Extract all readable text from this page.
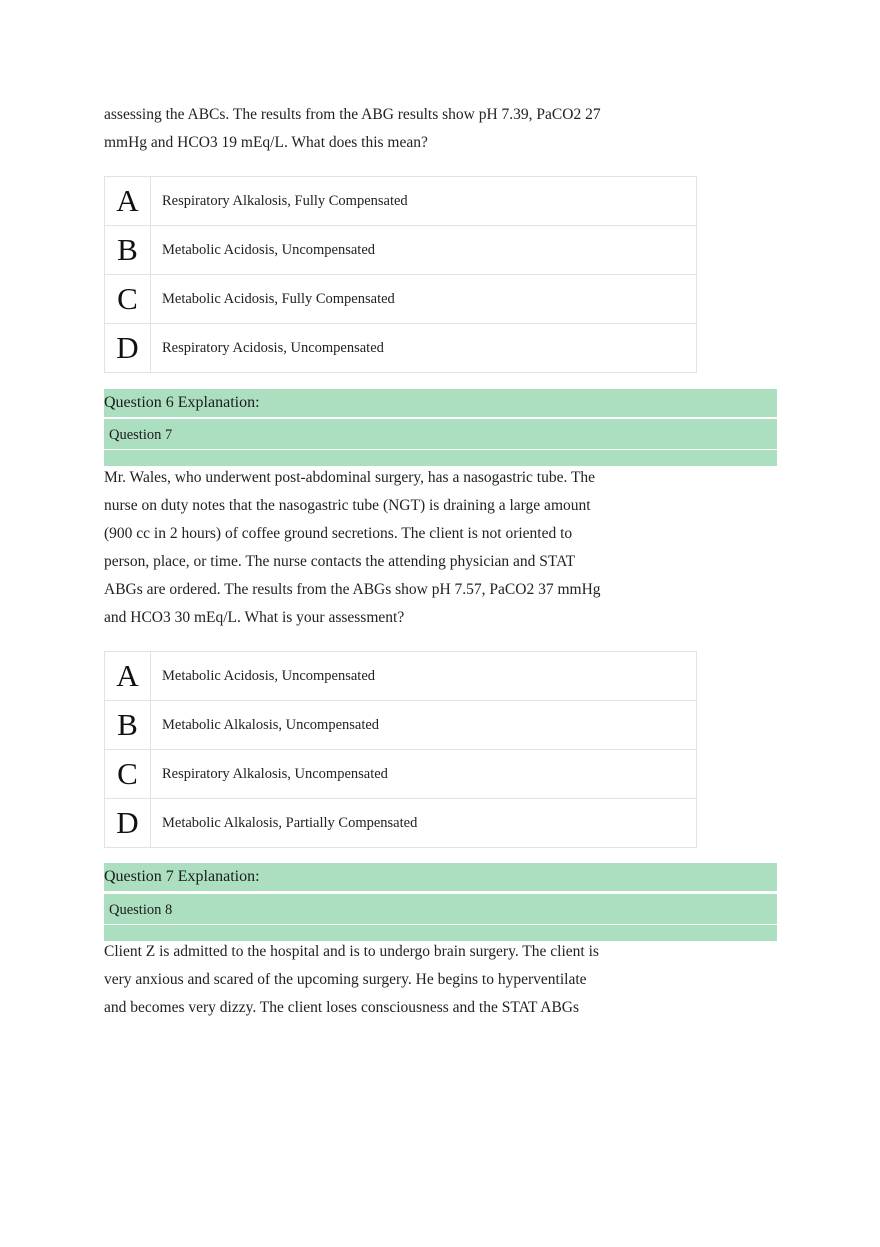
assessing the ABCs. The results from the ABG results show pH 7.39, PaCO2 27
mmHg and HCO3 19 mEq/L. What does this mean?

A	Respiratory Alkalosis, Fully Compensated
B	Metabolic Acidosis, Uncompensated
C	Metabolic Acidosis, Fully Compensated
D	Respiratory Acidosis, Uncompensated
Question 6 Explanation:
Question 7

Mr. Wales, who underwent post-abdominal surgery, has a nasogastric tube. The
nurse on duty notes that the nasogastric tube (NGT) is draining a large amount
(900 cc in 2 hours) of coffee ground secretions. The client is not oriented to
person, place, or time. The nurse contacts the attending physician and STAT
ABGs are ordered. The results from the ABGs show pH 7.57, PaCO2 37 mmHg
and HCO3 30 mEq/L. What is your assessment?

A	Metabolic Acidosis, Uncompensated
B	Metabolic Alkalosis, Uncompensated
C	Respiratory Alkalosis, Uncompensated
D	Metabolic Alkalosis, Partially Compensated
Question 7 Explanation:
Question 8

Client Z is admitted to the hospital and is to undergo brain surgery. The client is
very anxious and scared of the upcoming surgery. He begins to hyperventilate
and becomes very dizzy. The client loses consciousness and the STAT ABGs
